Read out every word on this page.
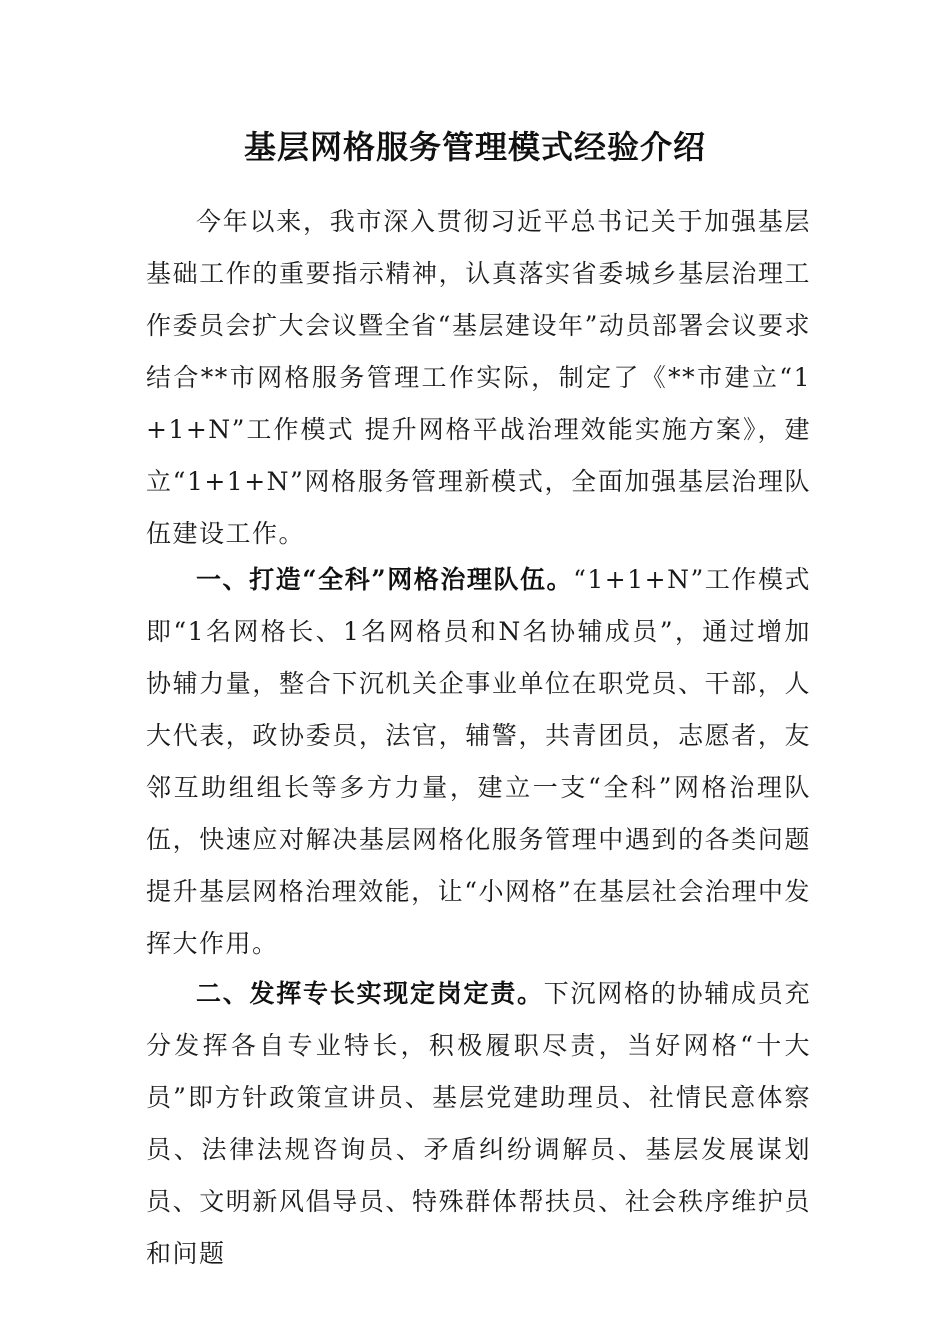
基层网格服务管理模式经验介绍

今年以来，我市深入贯彻习近平总书记关于加强基层基础工作的重要指示精神，认真落实省委城乡基层治理工作委员会扩大会议暨全省“基层建设年”动员部署会议要求结合**市网格服务管理工作实际，制定了《**市建立“1+1+N”工作模式 提升网格平战治理效能实施方案》，建立“1+1+N”网格服务管理新模式，全面加强基层治理队伍建设工作。

一、打造“全科”网格治理队伍。“1+1+N”工作模式即“1名网格长、1名网格员和N名协辅成员”，通过增加协辅力量，整合下沉机关企事业单位在职党员、干部，人大代表，政协委员，法官，辅警，共青团员，志愿者，友邻互助组组长等多方力量，建立一支“全科”网格治理队伍，快速应对解决基层网格化服务管理中遇到的各类问题提升基层网格治理效能，让“小网格”在基层社会治理中发挥大作用。

二、发挥专长实现定岗定责。下沉网格的协辅成员充分发挥各自专业特长，积极履职尽责，当好网格“十大员”即方针政策宣讲员、基层党建助理员、社情民意体察员、法律法规咨询员、矛盾纠纷调解员、基层发展谋划员、文明新风倡导员、特殊群体帮扶员、社会秩序维护员和问题
